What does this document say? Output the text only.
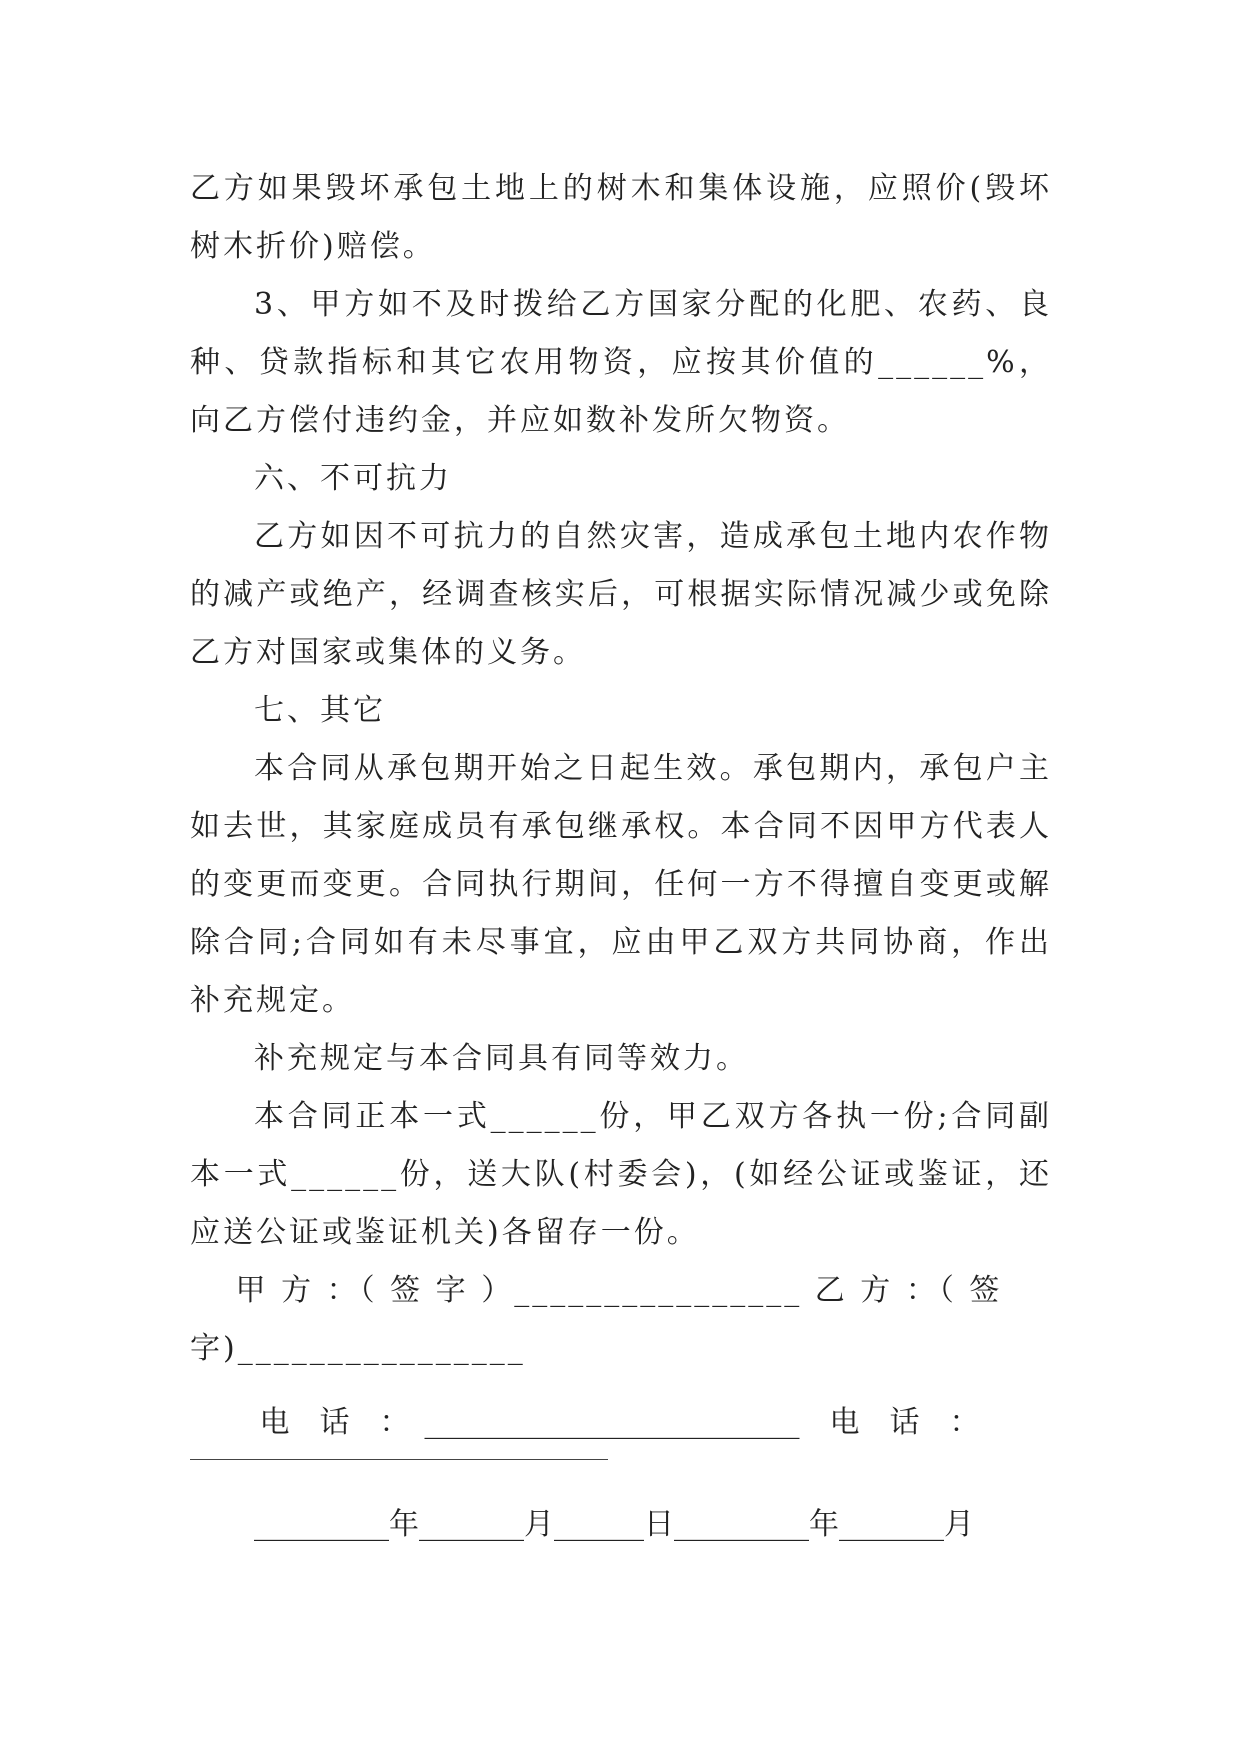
乙方如果毁坏承包土地上的树木和集体设施，应照价(毁坏树木折价)赔偿。

3、甲方如不及时拨给乙方国家分配的化肥、农药、良种、贷款指标和其它农用物资，应按其价值的______%，向乙方偿付违约金，并应如数补发所欠物资。

六、不可抗力

乙方如因不可抗力的自然灾害，造成承包土地内农作物的减产或绝产，经调查核实后，可根据实际情况减少或免除乙方对国家或集体的义务。

七、其它

本合同从承包期开始之日起生效。承包期内，承包户主如去世，其家庭成员有承包继承权。本合同不因甲方代表人的变更而变更。合同执行期间，任何一方不得擅自变更或解除合同;合同如有未尽事宜，应由甲乙双方共同协商，作出补充规定。

补充规定与本合同具有同等效力。

本合同正本一式______份，甲乙双方各执一份;合同副本一式______份，送大队(村委会)，(如经公证或鉴证，还应送公证或鉴证机关)各留存一份。

　 甲 方 ：（ 签 字 ）________________ 乙 方 ：（ 签

字)________________

　　 电　话　：　_________________________　电　话　：
_________年_______月______日_________年_______月
